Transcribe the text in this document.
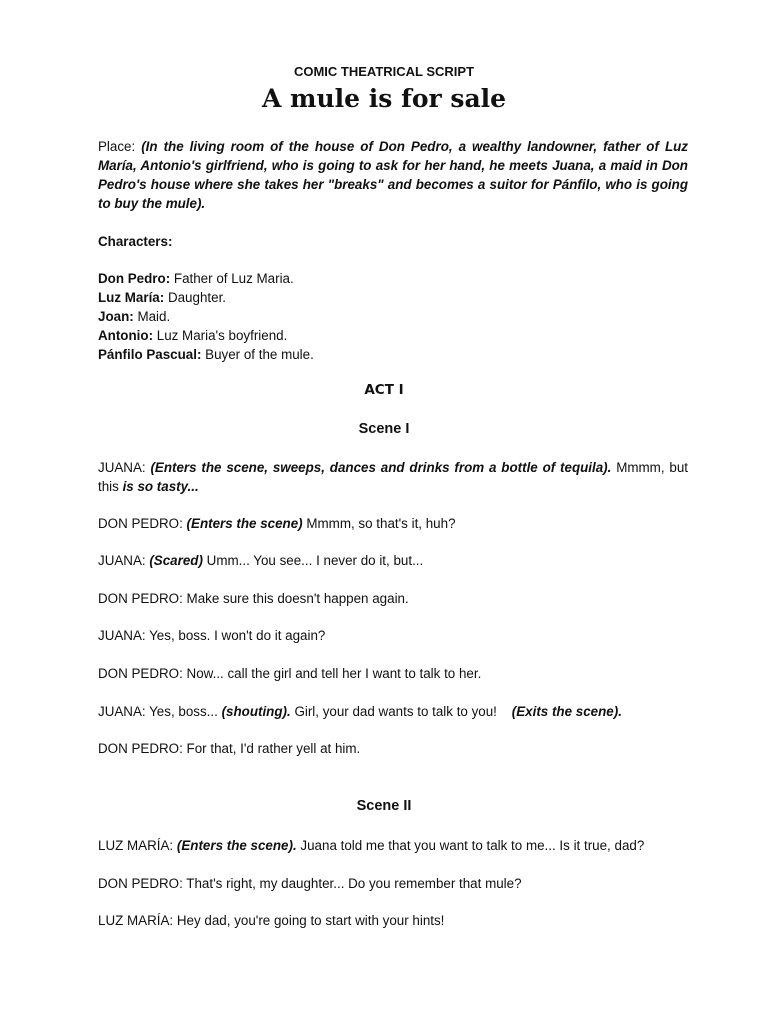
COMIC THEATRICAL SCRIPT
A mule is for sale
Place: (In the living room of the house of Don Pedro, a wealthy landowner, father of Luz María, Antonio's girlfriend, who is going to ask for her hand, he meets Juana, a maid in Don Pedro's house where she takes her "breaks" and becomes a suitor for Pánfilo, who is going to buy the mule).
Characters:
Don Pedro: Father of Luz Maria.
Luz María: Daughter.
Joan: Maid.
Antonio: Luz Maria's boyfriend.
Pánfilo Pascual: Buyer of the mule.
ACT I
Scene I
JUANA: (Enters the scene, sweeps, dances and drinks from a bottle of tequila). Mmmm, but this is so tasty...
DON PEDRO: (Enters the scene) Mmmm, so that's it, huh?
JUANA: (Scared) Umm... You see... I never do it, but...
DON PEDRO: Make sure this doesn't happen again.
JUANA: Yes, boss. I won't do it again?
DON PEDRO: Now... call the girl and tell her I want to talk to her.
JUANA: Yes, boss... (shouting). Girl, your dad wants to talk to you!    (Exits the scene).
DON PEDRO: For that, I'd rather yell at him.
Scene II
LUZ MARÍA: (Enters the scene). Juana told me that you want to talk to me... Is it true, dad?
DON PEDRO: That's right, my daughter... Do you remember that mule?
LUZ MARÍA: Hey dad, you're going to start with your hints!
